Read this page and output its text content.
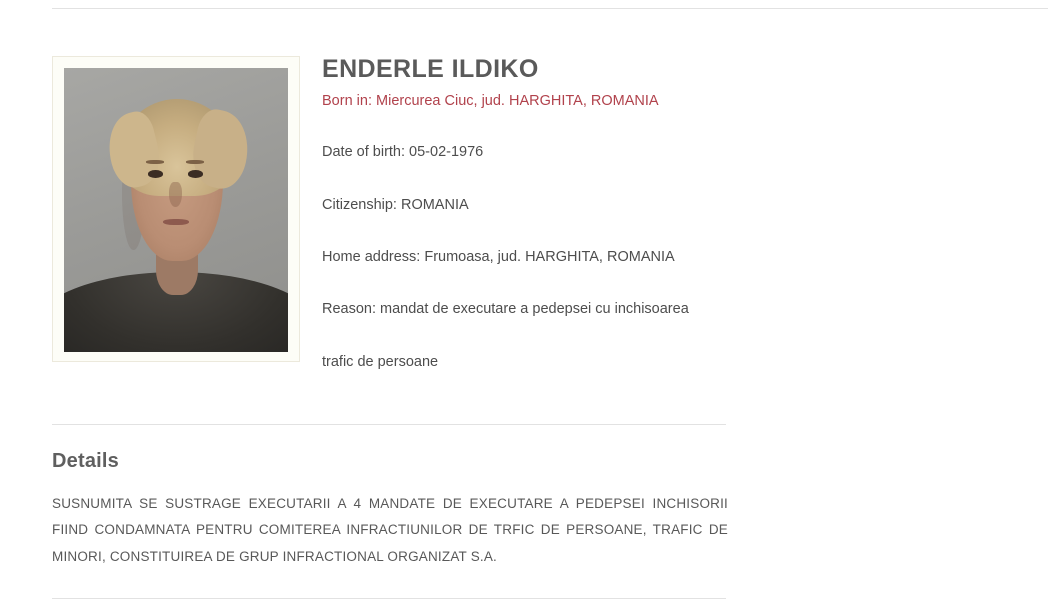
ENDERLE ILDIKO

Born in: Miercurea Ciuc, jud. HARGHITA, ROMANIA

Date of birth: 05-02-1976

Citizenship: ROMANIA

Home address: Frumoasa, jud. HARGHITA, ROMANIA

Reason: mandat de executare a pedepsei cu inchisoarea

trafic de persoane

Details

SUSNUMITA SE SUSTRAGE EXECUTARII A 4 MANDATE DE EXECUTARE A PEDEPSEI INCHISORII FIIND CONDAMNATA PENTRU COMITEREA INFRACTIUNILOR DE TRFIC DE PERSOANE, TRAFIC DE MINORI, CONSTITUIREA DE GRUP INFRACTIONAL ORGANIZAT S.A.
